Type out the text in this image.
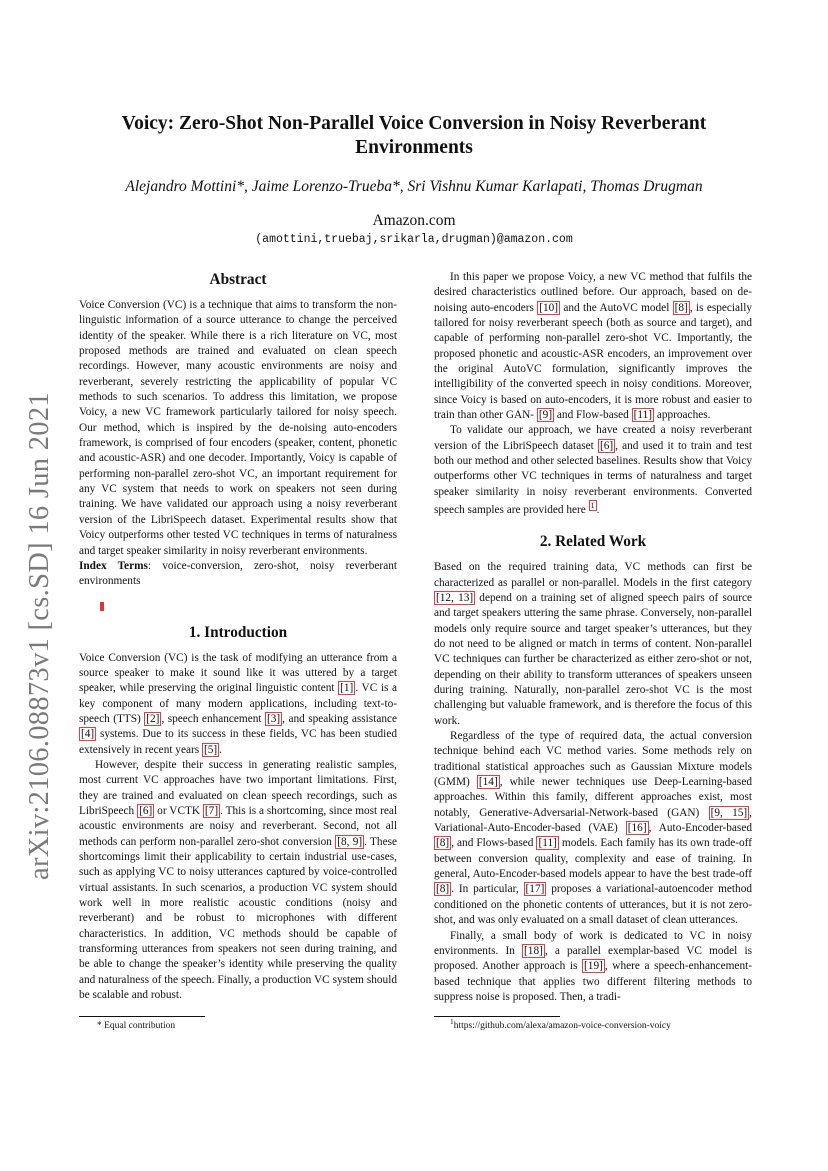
arXiv:2106.08873v1 [cs.SD] 16 Jun 2021
Voicy: Zero-Shot Non-Parallel Voice Conversion in Noisy Reverberant
Environments
Alejandro Mottini*, Jaime Lorenzo-Trueba*, Sri Vishnu Kumar Karlapati, Thomas Drugman
Amazon.com
(amottini,truebaj,srikarla,drugman)@amazon.com
Abstract

Voice Conversion (VC) is a technique that aims to transform the non-linguistic information of a source utterance to change the perceived identity of the speaker. While there is a rich literature on VC, most proposed methods are trained and evaluated on clean speech recordings. However, many acoustic environments are noisy and reverberant, severely restricting the applicability of popular VC methods to such scenarios. To address this limitation, we propose Voicy, a new VC framework particularly tailored for noisy speech. Our method, which is inspired by the de-noising auto-encoders framework, is comprised of four encoders (speaker, content, phonetic and acoustic-ASR) and one decoder. Importantly, Voicy is capable of performing non-parallel zero-shot VC, an important requirement for any VC system that needs to work on speakers not seen during training. We have validated our approach using a noisy reverberant version of the LibriSpeech dataset. Experimental results show that Voicy outperforms other tested VC techniques in terms of naturalness and target speaker similarity in noisy reverberant environments.

Index Terms: voice-conversion, zero-shot, noisy reverberant environments

1. Introduction

Voice Conversion (VC) is the task of modifying an utterance from a source speaker to make it sound like it was uttered by a target speaker, while preserving the original linguistic content [1] . VC is a key component of many modern applications, including text-to-speech (TTS) [2] , speech enhancement [3] , and speaking assistance [4] systems. Due to its success in these fields, VC has been studied extensively in recent years [5] .

However, despite their success in generating realistic samples, most current VC approaches have two important limitations. First, they are trained and evaluated on clean speech recordings, such as LibriSpeech [6] or VCTK [7] . This is a shortcoming, since most real acoustic environments are noisy and reverberant. Second, not all methods can perform non-parallel zero-shot conversion [8, 9] . These shortcomings limit their applicability to certain industrial use-cases, such as applying VC to noisy utterances captured by voice-controlled virtual assistants. In such scenarios, a production VC system should work well in more realistic acoustic conditions (noisy and reverberant) and be robust to microphones with different characteristics. In addition, VC methods should be capable of transforming utterances from speakers not seen during training, and be able to change the speaker’s identity while preserving the quality and naturalness of the speech. Finally, a production VC system should be scalable and robust.

In this paper we propose Voicy, a new VC method that fulfils the desired characteristics outlined before. Our approach, based on de-noising auto-encoders [10] and the AutoVC model [8] , is especially tailored for noisy reverberant speech (both as source and target), and capable of performing non-parallel zero-shot VC. Importantly, the proposed phonetic and acoustic-ASR encoders, an improvement over the original AutoVC formulation, significantly improves the intelligibility of the converted speech in noisy conditions. Moreover, since Voicy is based on auto-encoders, it is more robust and easier to train than other GAN- [9] and Flow-based [11] approaches.

To validate our approach, we have created a noisy reverberant version of the LibriSpeech dataset [6] , and used it to train and test both our method and other selected baselines. Results show that Voicy outperforms other VC techniques in terms of naturalness and target speaker similarity in noisy reverberant environments. Converted speech samples are provided here $^1$ .

2. Related Work

Based on the required training data, VC methods can first be characterized as parallel or non-parallel. Models in the first category [12, 13] depend on a training set of aligned speech pairs of source and target speakers uttering the same phrase. Conversely, non-parallel models only require source and target speaker’s utterances, but they do not need to be aligned or match in terms of content. Non-parallel VC techniques can further be characterized as either zero-shot or not, depending on their ability to transform utterances of speakers unseen during training. Naturally, non-parallel zero-shot VC is the most challenging but valuable framework, and is therefore the focus of this work.

Regardless of the type of required data, the actual conversion technique behind each VC method varies. Some methods rely on traditional statistical approaches such as Gaussian Mixture models (GMM) [14] , while newer techniques use Deep-Learning-based approaches. Within this family, different approaches exist, most notably, Generative-Adversarial-Network-based (GAN) [9, 15] , Variational-Auto-Encoder-based (VAE) [16] , Auto-Encoder-based [8] , and Flows-based [11] models. Each family has its own trade-off between conversion quality, complexity and ease of training. In general, Auto-Encoder-based models appear to have the best trade-off [8] . In particular, [17] proposes a variational-autoencoder method conditioned on the phonetic contents of utterances, but it is not zero-shot, and was only evaluated on a small dataset of clean utterances.

Finally, a small body of work is dedicated to VC in noisy environments. In [18] , a parallel exemplar-based VC model is proposed. Another approach is [19] , where a speech-enhancement-based technique that applies two different filtering methods to suppress noise is proposed. Then, a tradi-

* Equal contribution	$^1$https://github.com/alexa/amazon-voice-conversion-voicy
